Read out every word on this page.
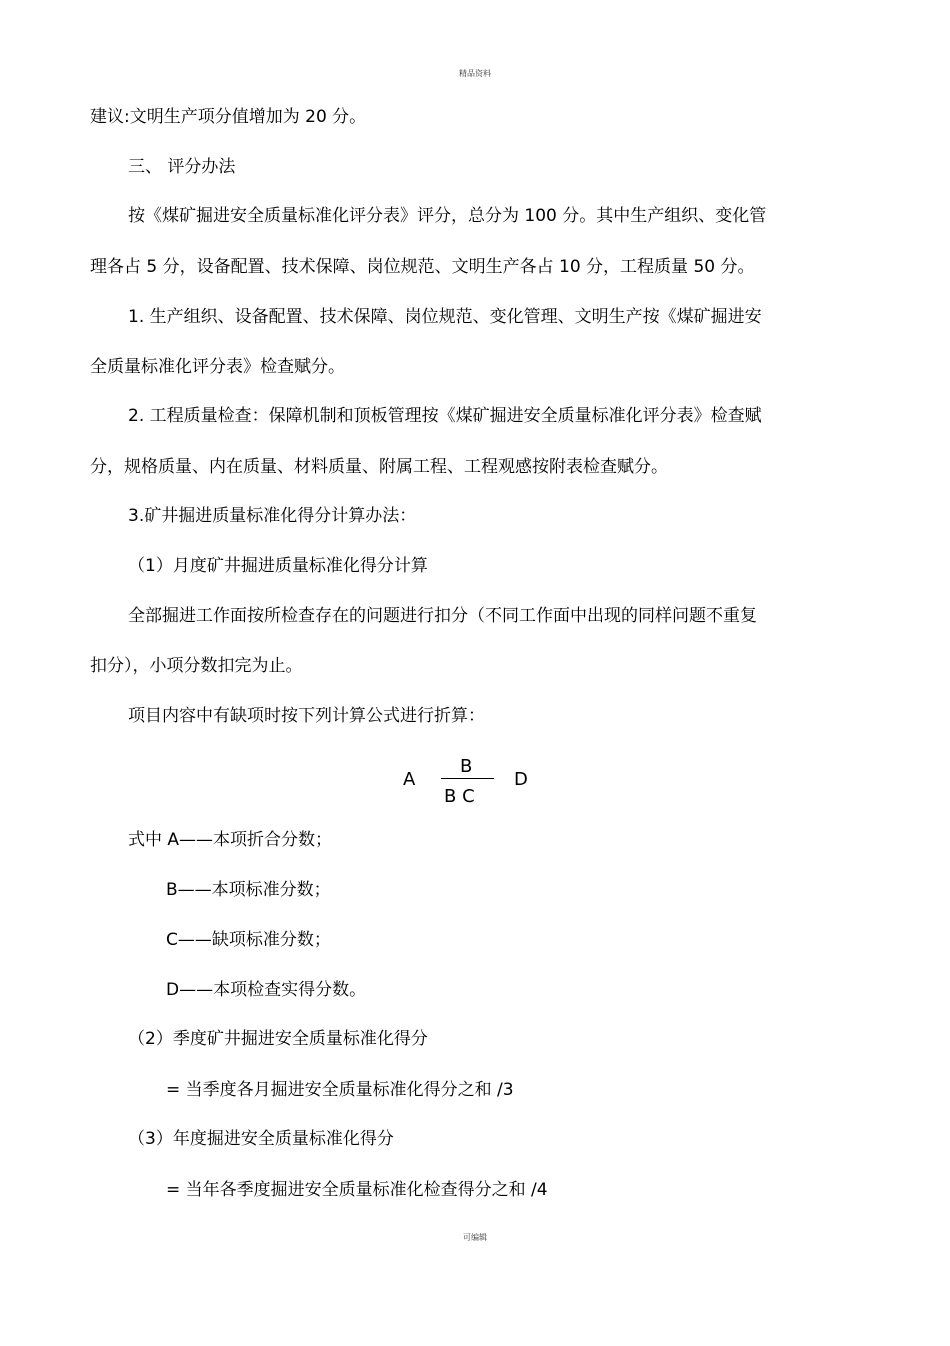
精品资料
建议:文明生产项分值增加为 20 分。
三、 评分办法
按《煤矿掘进安全质量标准化评分表》评分，总分为 100 分。其中生产组织、变化管
理各占 5 分，设备配置、技术保障、岗位规范、文明生产各占 10 分，工程质量 50 分。
1. 生产组织、设备配置、技术保障、岗位规范、变化管理、文明生产按《煤矿掘进安
全质量标准化评分表》检查赋分。
2. 工程质量检查：保障机制和顶板管理按《煤矿掘进安全质量标准化评分表》检查赋
分，规格质量、内在质量、材料质量、附属工程、工程观感按附表检查赋分。
3.矿井掘进质量标准化得分计算办法：
（1）月度矿井掘进质量标准化得分计算
全部掘进工作面按所检查存在的问题进行扣分（不同工作面中出现的同样问题不重复
扣分），小项分数扣完为止。
项目内容中有缺项时按下列计算公式进行折算：
A
B
B C
D
式中 A——本项折合分数；
B——本项标准分数；
C——缺项标准分数；
D——本项检查实得分数。
（2）季度矿井掘进安全质量标准化得分
= 当季度各月掘进安全质量标准化得分之和 /3
（3）年度掘进安全质量标准化得分
= 当年各季度掘进安全质量标准化检查得分之和 /4
可编辑
